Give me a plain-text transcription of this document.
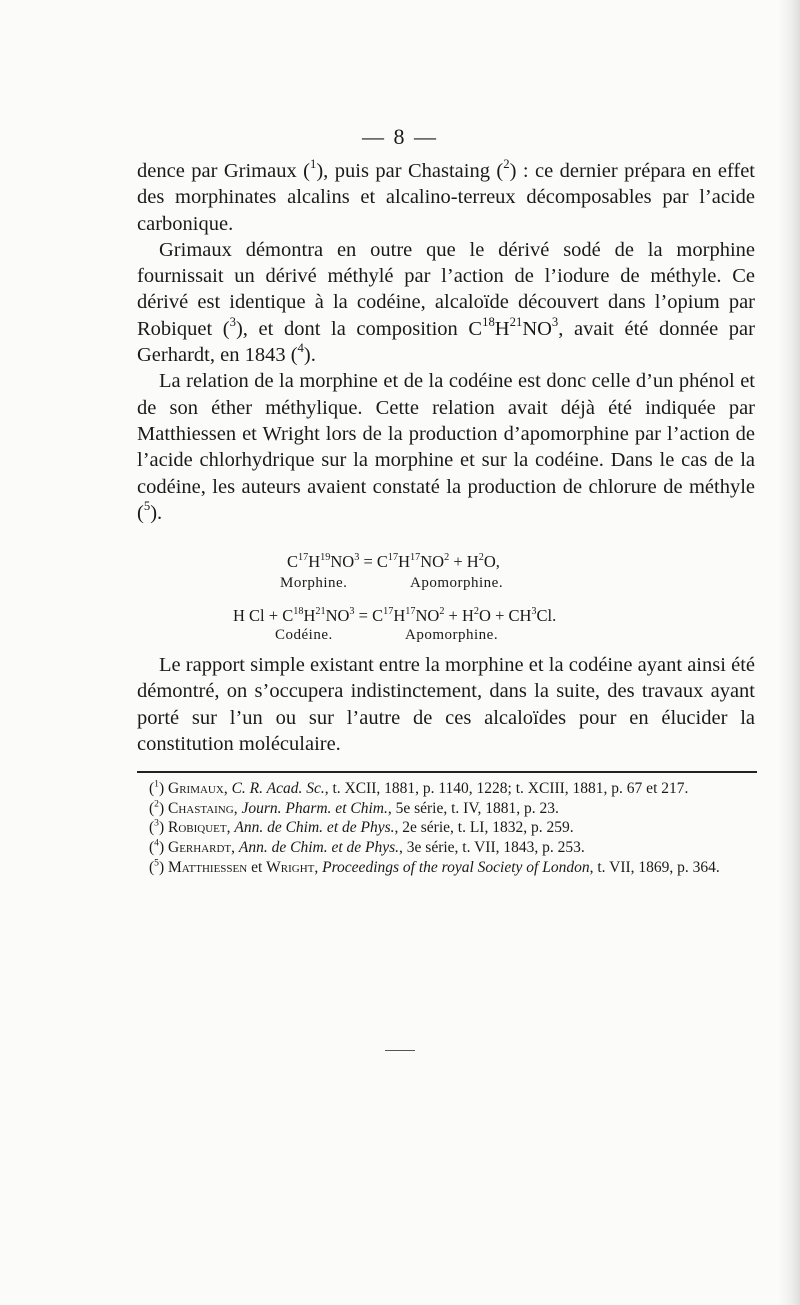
— 8 —

dence par Grimaux ($^1$), puis par Chastaing ($^2$) : ce dernier prépara en effet des morphinates alcalins et alcalino-terreux décomposables par l’acide carbonique.

Grimaux démontra en outre que le dérivé sodé de la morphine fournissait un dérivé méthylé par l’action de l’iodure de méthyle. Ce dérivé est identique à la codéine, alcaloïde découvert dans l’opium par Robiquet ($^3$), et dont la composition $C^{18}H^{21}NO^3$, avait été donnée par Gerhardt, en 1843 ($^4$).

La relation de la morphine et de la codéine est donc celle d’un phénol et de son éther méthylique. Cette relation avait déjà été indiquée par Matthiessen et Wright lors de la production d’apomorphine par l’action de l’acide chlorhydrique sur la morphine et sur la codéine. Dans le cas de la codéine, les auteurs avaient constaté la production de chlorure de méthyle ($^5$).

$C^{17}H^{19}NO^3 = C^{17}H^{17}NO^2 + H^2O$,
Morphine.	Apomorphine.
H $Cl + C^{18}H^{21}NO^3 = C^{17}H^{17}NO^2 + H^2O + CH^3Cl$.
Codéine.	Apomorphine.

Le rapport simple existant entre la morphine et la codéine ayant ainsi été démontré, on s’occupera indistinctement, dans la suite, des travaux ayant porté sur l’un ou sur l’autre de ces alcaloïdes pour en élucider la constitution moléculaire.

($^1$) Grimaux, C. R. Acad. Sc., t. XCII, 1881, p. 1140, 1228; t. XCIII, 1881, p. 67 et 217.

($^2$) Chastaing, Journ. Pharm. et Chim., 5e série, t. IV, 1881, p. 23.

($^3$) Robiquet, Ann. de Chim. et de Phys., 2e série, t. LI, 1832, p. 259.

($^4$) Gerhardt, Ann. de Chim. et de Phys., 3e série, t. VII, 1843, p. 253.

($^5$) Matthiessen et Wright, Proceedings of the royal Society of London, t. VII, 1869, p. 364.
